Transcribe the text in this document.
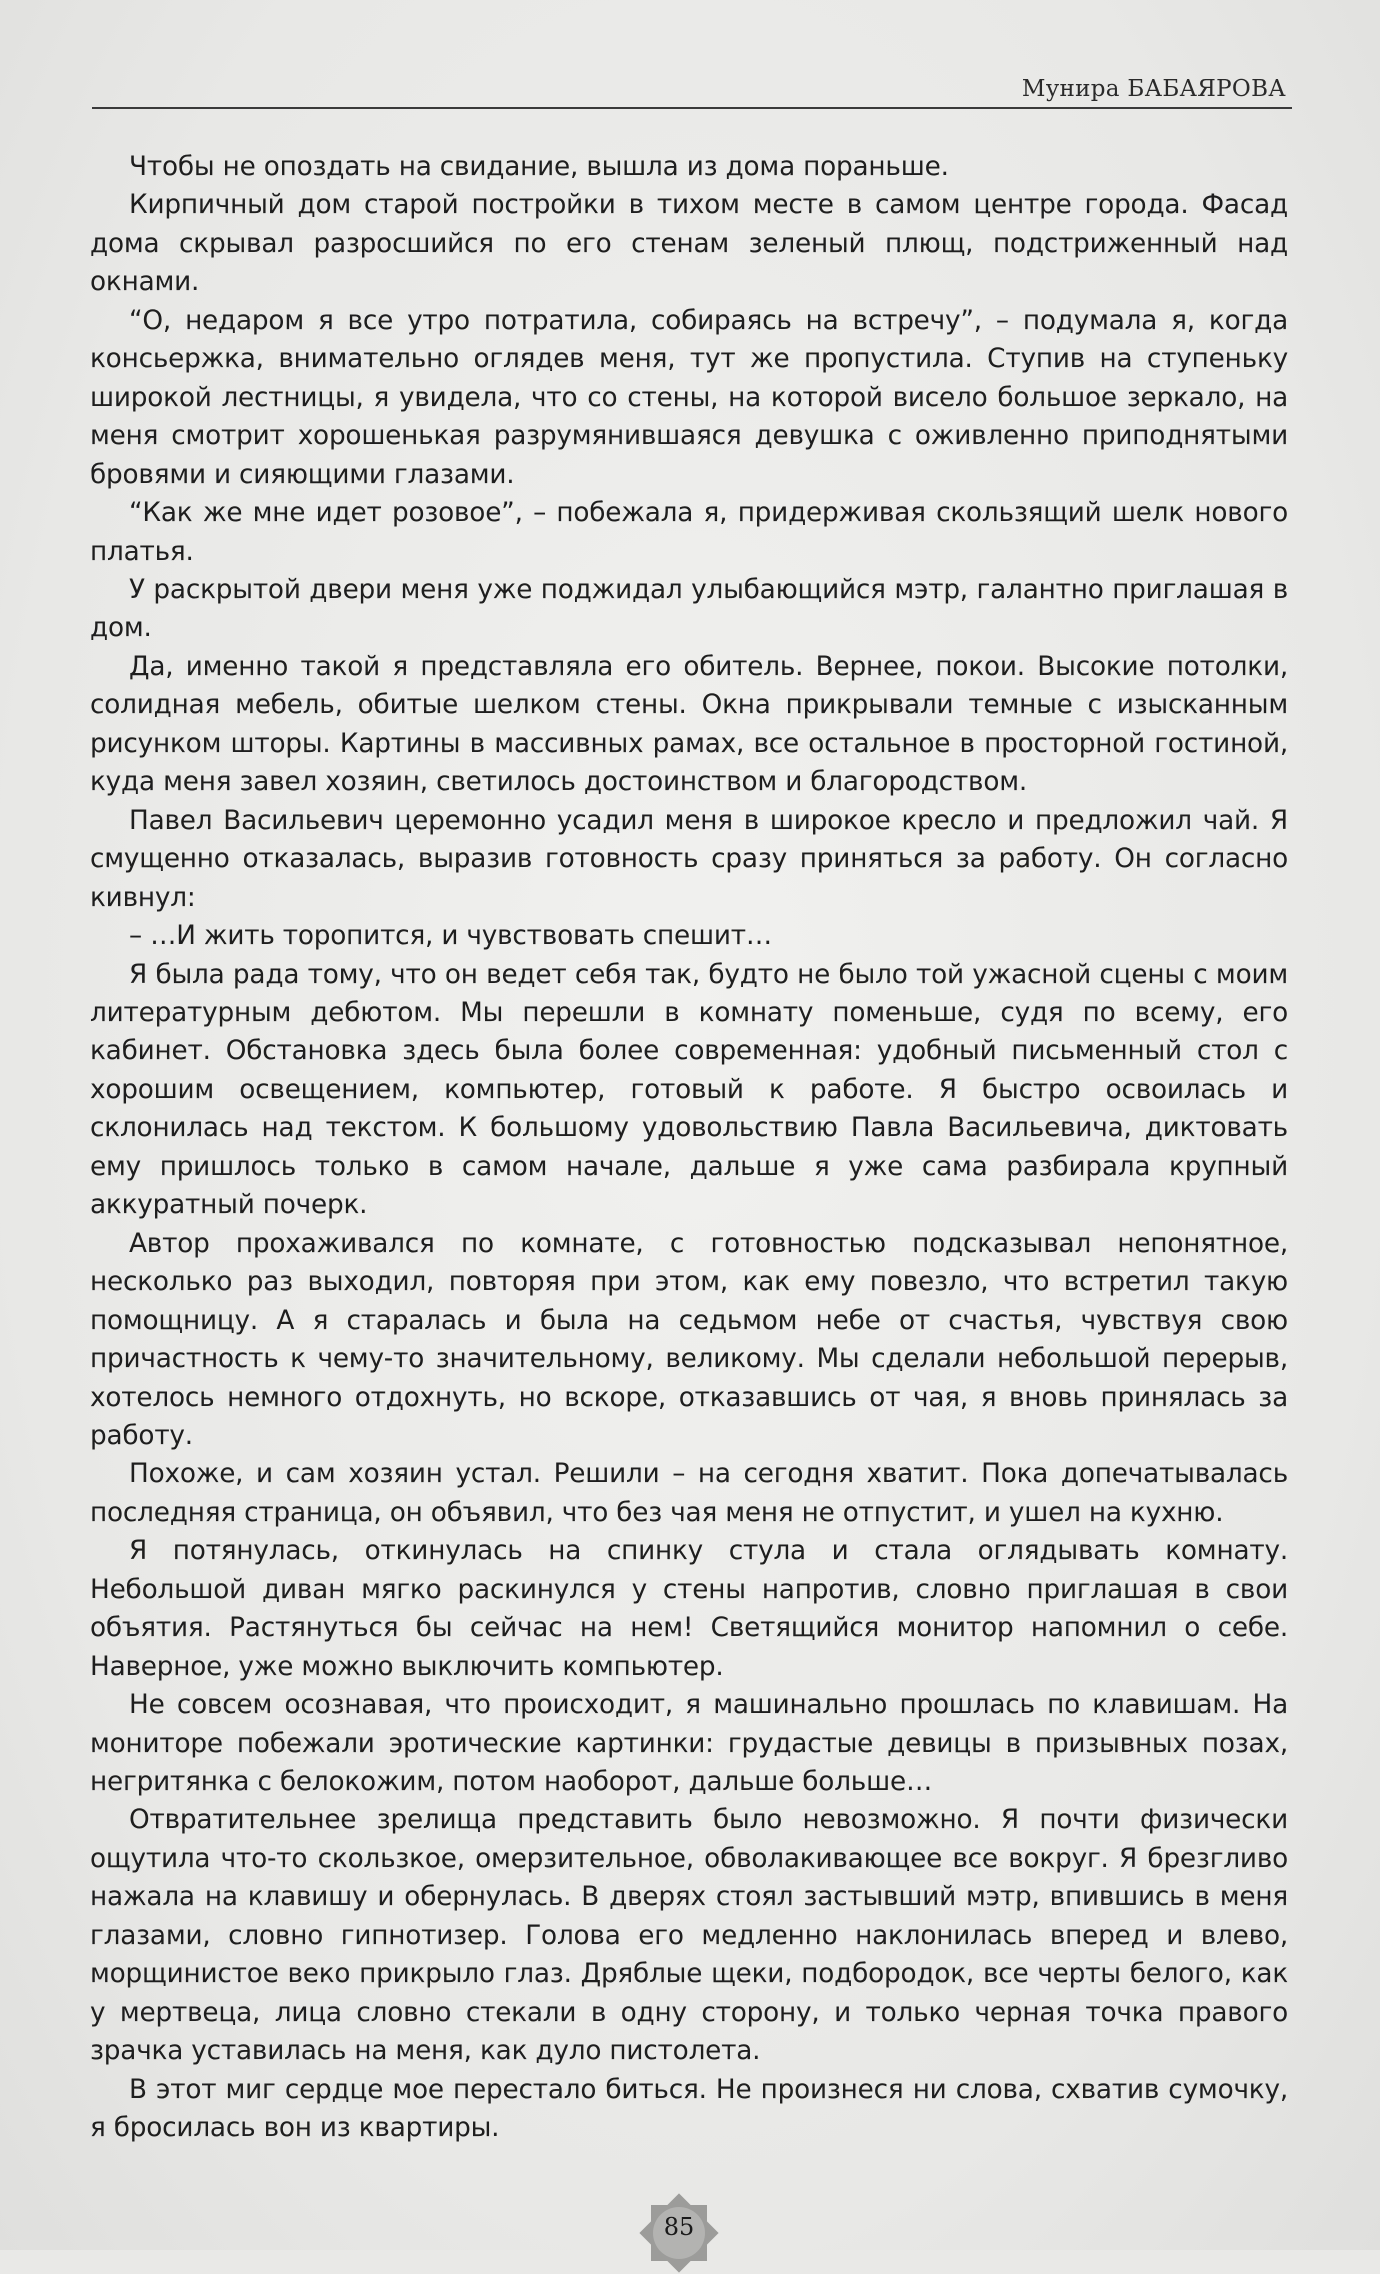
Мунира БАБАЯРОВА

Чтобы не опоздать на свидание, вышла из дома пораньше.

Кирпичный дом старой постройки в тихом месте в самом центре города. Фасад дома скрывал разросшийся по его стенам зеленый плющ, подстриженный над окнами.

“О, недаром я все утро потратила, собираясь на встречу”, – подумала я, когда консьержка, внимательно оглядев меня, тут же пропустила. Ступив на ступеньку широкой лестницы, я увидела, что со стены, на которой висело большое зеркало, на меня смотрит хорошенькая разрумянившаяся девушка с оживленно приподнятыми бровями и сияющими глазами.

“Как же мне идет розовое”, – побежала я, придерживая скользящий шелк нового платья.

У раскрытой двери меня уже поджидал улыбающийся мэтр, галантно приглашая в дом.

Да, именно такой я представляла его обитель. Вернее, покои. Высокие потолки, солидная мебель, обитые шелком стены. Окна прикрывали темные с изысканным рисунком шторы. Картины в массивных рамах, все остальное в просторной гостиной, куда меня завел хозяин, светилось достоинством и благородством.

Павел Васильевич церемонно усадил меня в широкое кресло и предложил чай. Я смущенно отказалась, выразив готовность сразу приняться за работу. Он согласно кивнул:

– …И жить торопится, и чувствовать спешит…

Я была рада тому, что он ведет себя так, будто не было той ужасной сцены с моим литературным дебютом. Мы перешли в комнату поменьше, судя по всему, его кабинет. Обстановка здесь была более современная: удобный письменный стол с хорошим освещением, компьютер, готовый к работе. Я быстро освоилась и склонилась над текстом. К большому удовольствию Павла Васильевича, диктовать ему пришлось только в самом начале, дальше я уже сама разбирала крупный аккуратный почерк.

Автор прохаживался по комнате, с готовностью подсказывал непонятное, несколько раз выходил, повторяя при этом, как ему повезло, что встретил такую помощницу. А я старалась и была на седьмом небе от счастья, чувствуя свою причастность к чему-то значительному, великому. Мы сделали небольшой перерыв, хотелось немного отдохнуть, но вскоре, отказавшись от чая, я вновь принялась за работу.

Похоже, и сам хозяин устал. Решили – на сегодня хватит. Пока допечатывалась последняя страница, он объявил, что без чая меня не отпустит, и ушел на кухню.

Я потянулась, откинулась на спинку стула и стала оглядывать комнату. Небольшой диван мягко раскинулся у стены напротив, словно приглашая в свои объятия. Растянуться бы сейчас на нем! Светящийся монитор напомнил о себе. Наверное, уже можно выключить компьютер.

Не совсем осознавая, что происходит, я машинально прошлась по клавишам. На мониторе побежали эротические картинки: грудастые девицы в призывных позах, негритянка с белокожим, потом наоборот, дальше больше…

Отвратительнее зрелища представить было невозможно. Я почти физически ощутила что-то скользкое, омерзительное, обволакивающее все вокруг. Я брезгливо нажала на клавишу и обернулась. В дверях стоял застывший мэтр, впившись в меня глазами, словно гипнотизер. Голова его медленно наклонилась вперед и влево, морщинистое веко прикрыло глаз. Дряблые щеки, подбородок, все черты белого, как у мертвеца, лица словно стекали в одну сторону, и только черная точка правого зрачка уставилась на меня, как дуло пистолета.

В этот миг сердце мое перестало биться. Не произнеся ни слова, схватив сумочку, я бросилась вон из квартиры.

85
